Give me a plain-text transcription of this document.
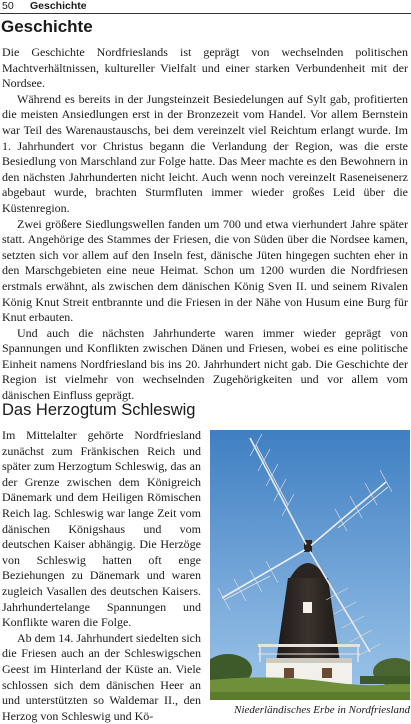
50	Geschichte
Geschichte

Die Geschichte Nordfrieslands ist geprägt von wechselnden politischen Machtverhältnissen, kultureller Vielfalt und einer starken Verbundenheit mit der Nordsee.

Während es bereits in der Jungsteinzeit Besiedelungen auf Sylt gab, profitierten die meisten Ansiedlungen erst in der Bronzezeit vom Handel. Vor allem Bernstein war Teil des Warenaustauschs, bei dem vereinzelt viel Reichtum erlangt wurde. Im 1. Jahrhundert vor Christus begann die Verlandung der Region, was die erste Besiedlung von Marschland zur Folge hatte. Das Meer machte es den Bewohnern in den nächsten Jahrhunderten nicht leicht. Auch wenn noch vereinzelt Raseneisenerz abgebaut wurde, brachten Sturmfluten immer wieder großes Leid über die Küstenregion.

Zwei größere Siedlungswellen fanden um 700 und etwa vierhundert Jahre später statt. Angehörige des Stammes der Friesen, die von Süden über die Nordsee kamen, setzten sich vor allem auf den Inseln fest, dänische Jüten hingegen suchten eher in den Marschgebieten eine neue Heimat. Schon um 1200 wurden die Nordfriesen erstmals erwähnt, als zwischen dem dänischen König Sven II. und seinem Rivalen König Knut Streit entbrannte und die Friesen in der Nähe von Husum eine Burg für Knut erbauten.

Und auch die nächsten Jahrhunderte waren immer wieder geprägt von Spannungen und Konflikten zwischen Dänen und Friesen, wobei es eine politische Einheit namens Nordfriesland bis ins 20. Jahrhundert nicht gab. Die Geschichte der Region ist vielmehr von wechselnden Zugehörigkeiten und vor allem vom dänischen Einfluss geprägt.

Das Herzogtum Schleswig

Im Mittelalter gehörte Nordfriesland zunächst zum Fränkischen Reich und später zum Herzogtum Schleswig, das an der Grenze zwischen dem Königreich Dänemark und dem Heiligen Römischen Reich lag. Schleswig war lange Zeit vom dänischen Königshaus und vom deutschen Kaiser abhängig. Die Herzöge von Schleswig hatten oft enge Beziehungen zu Dänemark und waren zugleich Vasallen des deutschen Kaisers. Jahrhundertelange Spannungen und Konflikte waren die Folge.

Ab dem 14. Jahrhundert siedelten sich die Friesen auch an der Schleswigschen Geest im Hinterland der Küste an. Viele schlossen sich dem dänischen Heer an und unterstützten so Waldemar II., den Herzog von Schleswig und Kö-	Niederländisches Erbe in Nordfriesland
